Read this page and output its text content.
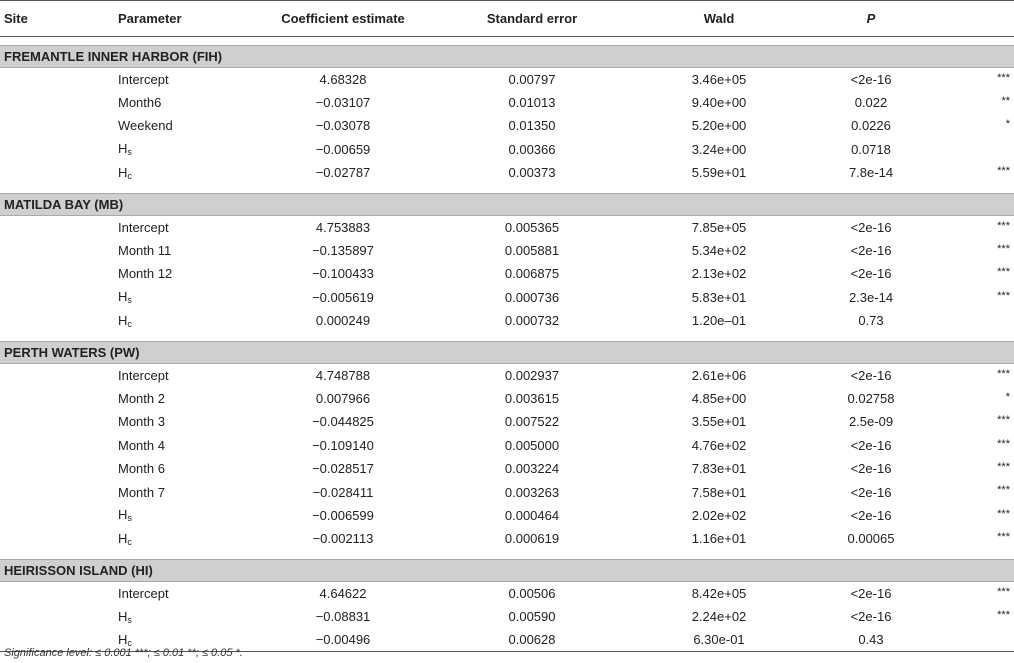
Site	Parameter	Coefficient estimate	Standard error	Wald	P	

FREMANTLE INNER HARBOR (FIH)						
	Intercept	4.68328	0.00797	3.46e+05	<2e-16	***
	Month6	−0.03107	0.01013	9.40e+00	0.022	**
	Weekend	−0.03078	0.01350	5.20e+00	0.0226	*
	$H_s$	−0.00659	0.00366	3.24e+00	0.0718	
	$H_c$	−0.02787	0.00373	5.59e+01	7.8e-14	***

MATILDA BAY (MB)						
	Intercept	4.753883	0.005365	7.85e+05	<2e-16	***
	Month 11	−0.135897	0.005881	5.34e+02	<2e-16	***
	Month 12	−0.100433	0.006875	2.13e+02	<2e-16	***
	$H_s$	−0.005619	0.000736	5.83e+01	2.3e-14	***
	$H_c$	0.000249	0.000732	1.20e–01	0.73	

PERTH WATERS (PW)						
	Intercept	4.748788	0.002937	2.61e+06	<2e-16	***
	Month 2	0.007966	0.003615	4.85e+00	0.02758	*
	Month 3	−0.044825	0.007522	3.55e+01	2.5e-09	***
	Month 4	−0.109140	0.005000	4.76e+02	<2e-16	***
	Month 6	−0.028517	0.003224	7.83e+01	<2e-16	***
	Month 7	−0.028411	0.003263	7.58e+01	<2e-16	***
	$H_s$	−0.006599	0.000464	2.02e+02	<2e-16	***
	$H_c$	−0.002113	0.000619	1.16e+01	0.00065	***

HEIRISSON ISLAND (HI)						
	Intercept	4.64622	0.00506	8.42e+05	<2e-16	***
	$H_s$	−0.08831	0.00590	2.24e+02	<2e-16	***
	$H_c$	−0.00496	0.00628	6.30e-01	0.43	
Significance level: ≤ 0.001 ***; ≤ 0.01 **; ≤ 0.05 *.
